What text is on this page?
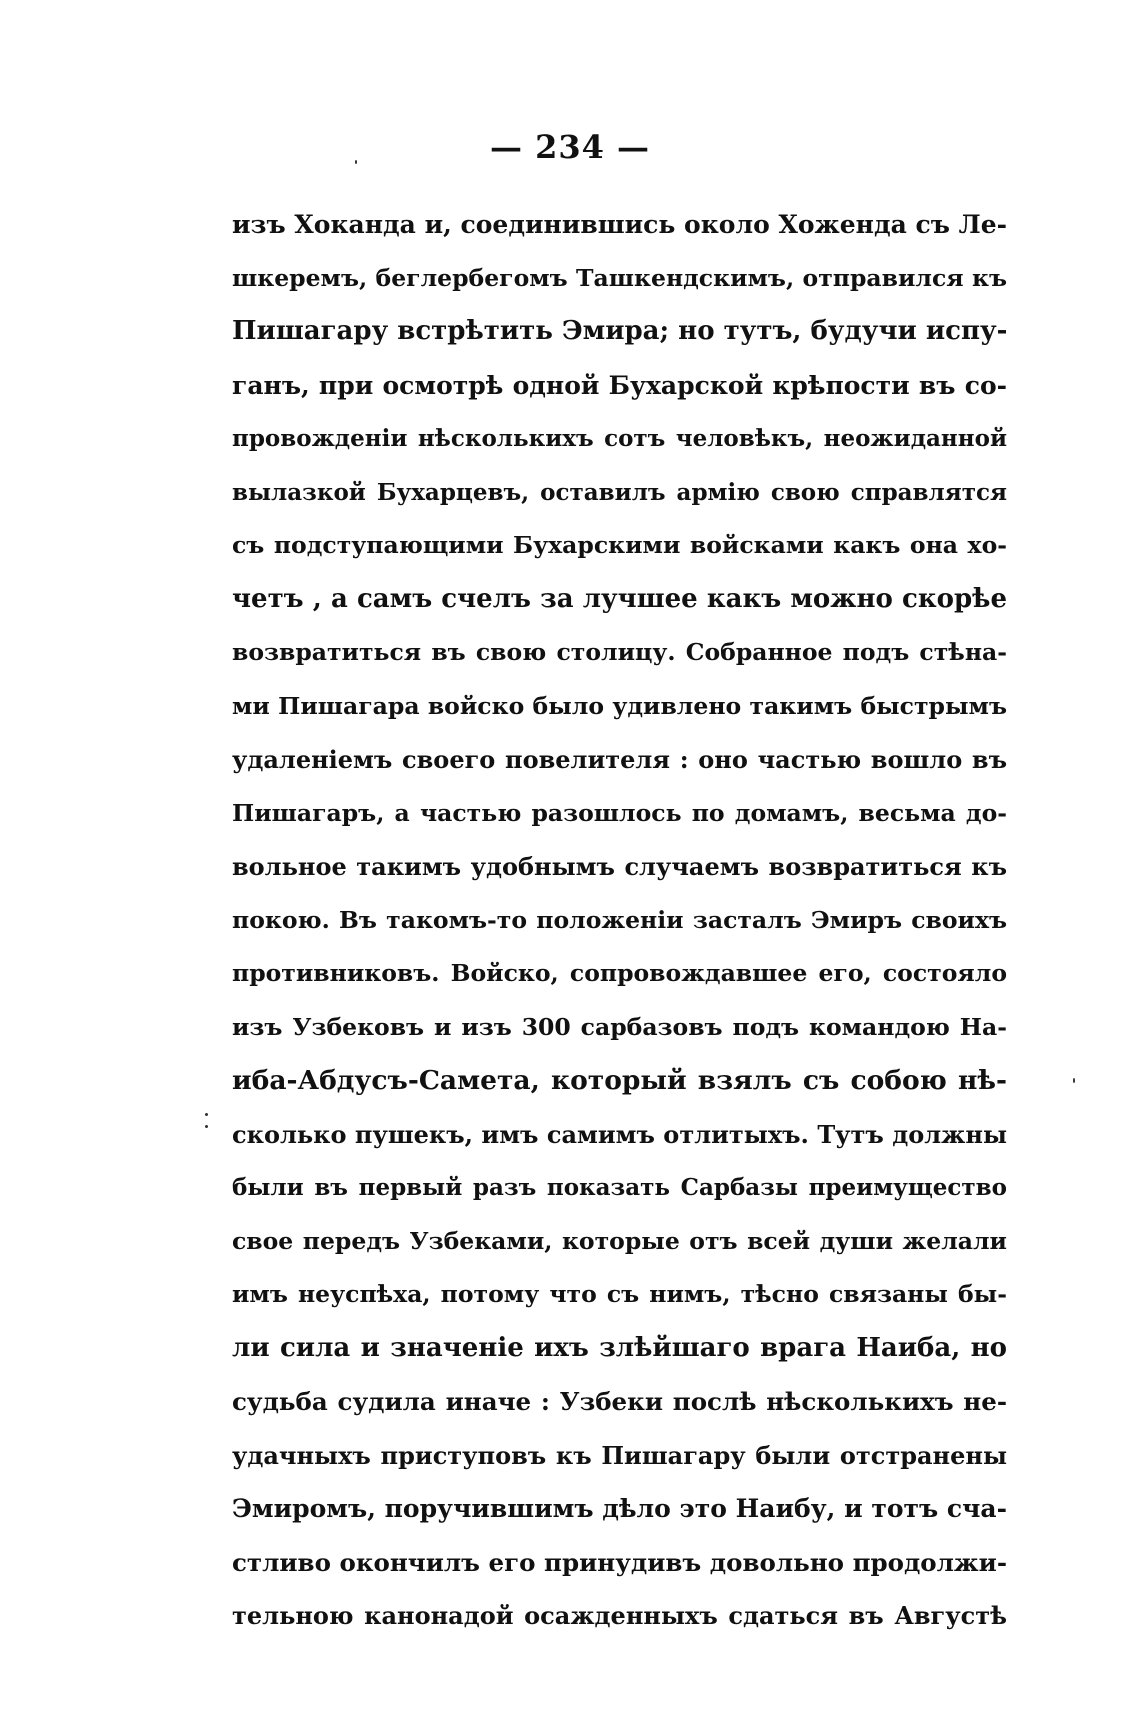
— 234 —
изъ Хоканда и, соединившись около Хоженда съ Ле-
шкеремъ, беглербегомъ Ташкендскимъ, отправился къ
Пишагару встрѣтить Эмира; но тутъ, будучи испу-
ганъ, при осмотрѣ одной Бухарской крѣпости въ со-
провожденіи нѣсколькихъ сотъ человѣкъ, неожиданной
вылазкой Бухарцевъ, оставилъ армію свою справлятся
съ подступающими Бухарскими войсками какъ она хо-
четъ , а самъ счелъ за лучшее какъ можно скорѣе
возвратиться въ свою столицу. Собранное подъ стѣна-
ми Пишагара войско было удивлено такимъ быстрымъ
удаленіемъ своего повелителя : оно частью вошло въ
Пишагаръ, а частью разошлось по домамъ, весьма до-
вольное такимъ удобнымъ случаемъ возвратиться къ
покою. Въ такомъ-то положеніи засталъ Эмиръ своихъ
противниковъ. Войско, сопровождавшее его, состояло
изъ Узбековъ и изъ 300 сарбазовъ подъ командою На-
иба-Абдусъ-Самета, который взялъ съ собою нѣ-
сколько пушекъ, имъ самимъ отлитыхъ. Тутъ должны
были въ первый разъ показать Сарбазы преимущество
свое передъ Узбеками, которые отъ всей души желали
имъ неуспѣха, потому что съ нимъ, тѣсно связаны бы-
ли сила и значеніе ихъ злѣйшаго врага Наиба, но
судьба судила иначе : Узбеки послѣ нѣсколькихъ не-
удачныхъ приступовъ къ Пишагару были отстранены
Эмиромъ, поручившимъ дѣло это Наибу, и тотъ сча-
стливо окончилъ его принудивъ довольно продолжи-
тельною канонадой осажденныхъ сдаться въ Августѣ
